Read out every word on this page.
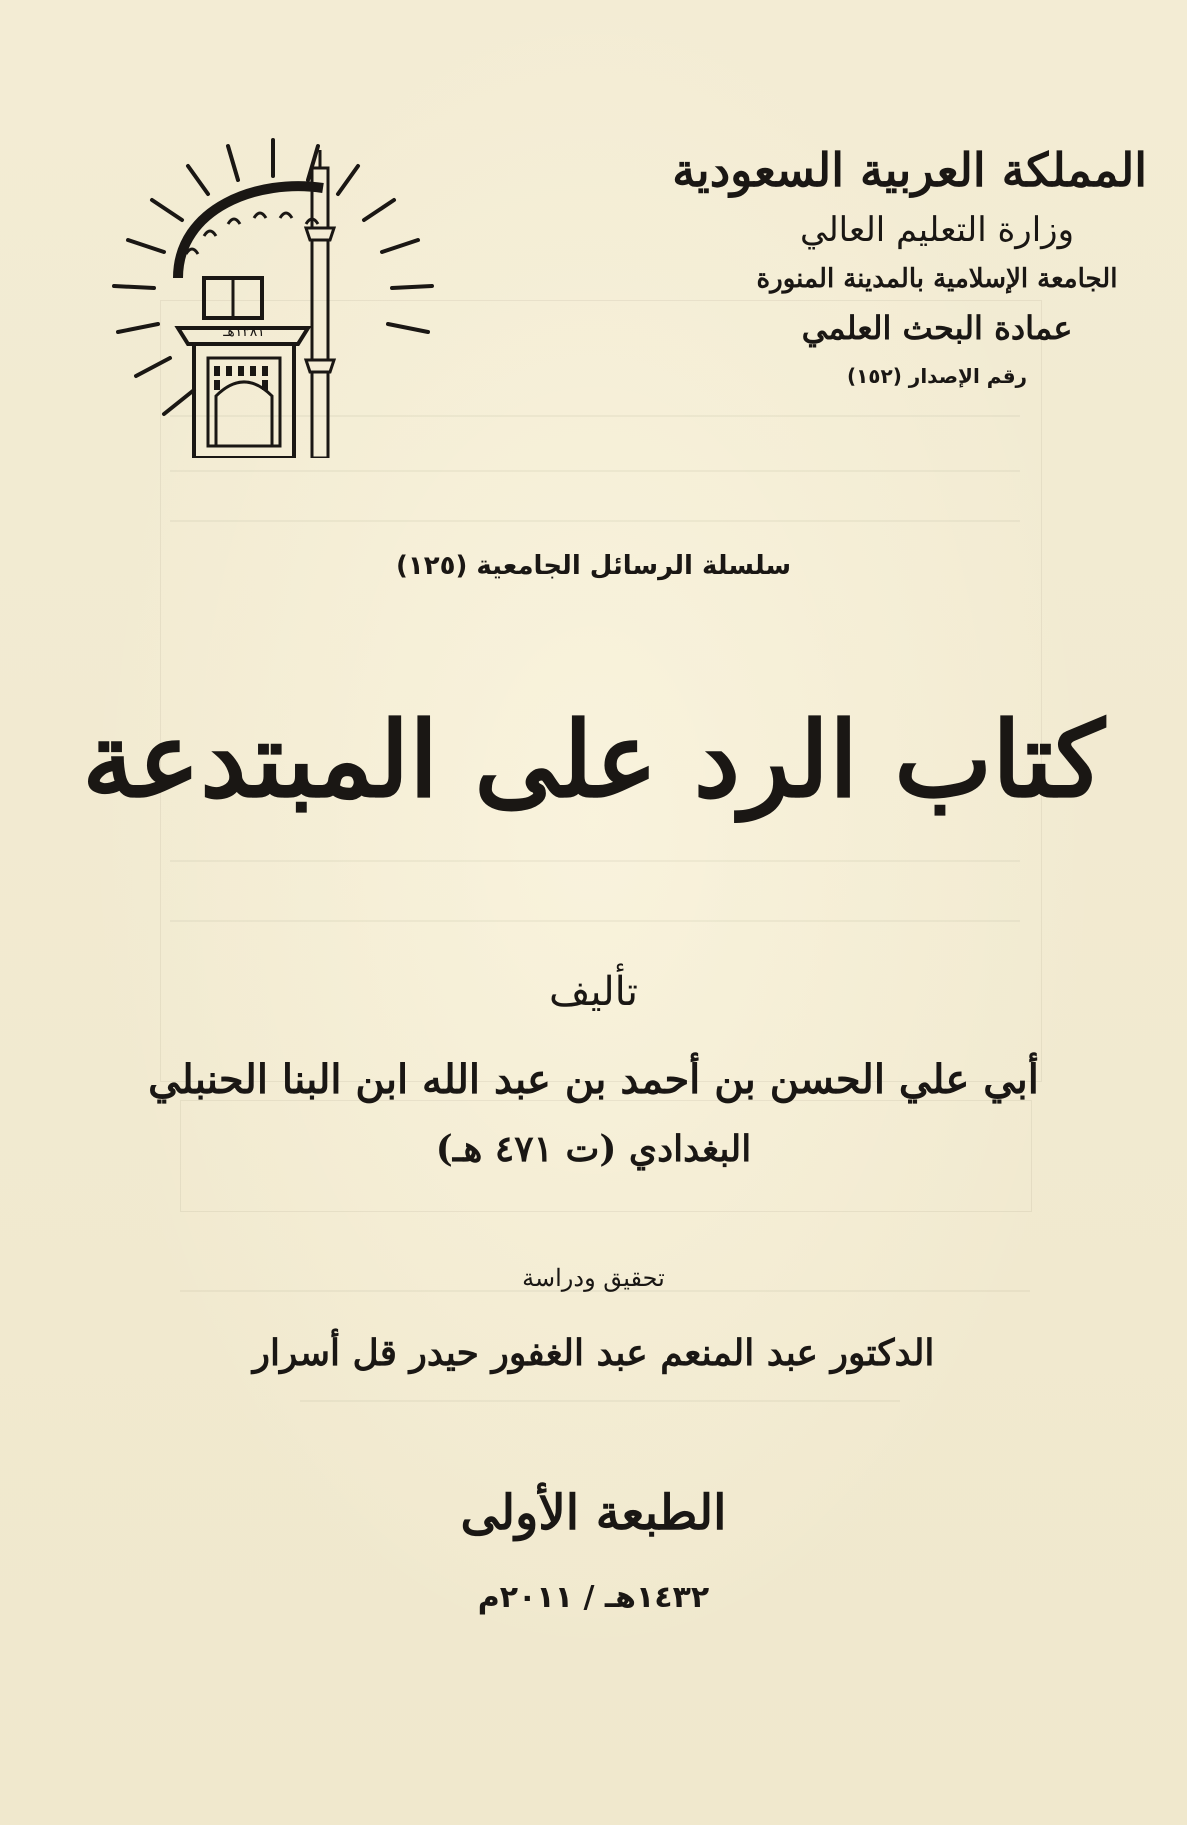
١٣٨١هـ

المملكة العربية السعودية

وزارة التعليم العالي

الجامعة الإسلامية بالمدينة المنورة

عمادة البحث العلمي

رقم الإصدار (١٥٢)

سلسلة الرسائل الجامعية (١٢٥)
كتاب الرد على المبتدعة
تأليف
أبي علي الحسن بن أحمد بن عبد الله ابن البنا الحنبلي
البغدادي (ت ٤٧١ هـ)
تحقيق ودراسة
الدكتور عبد المنعم عبد الغفور حيدر قل أسرار
الطبعة الأولى
١٤٣٢هـ / ٢٠١١م
